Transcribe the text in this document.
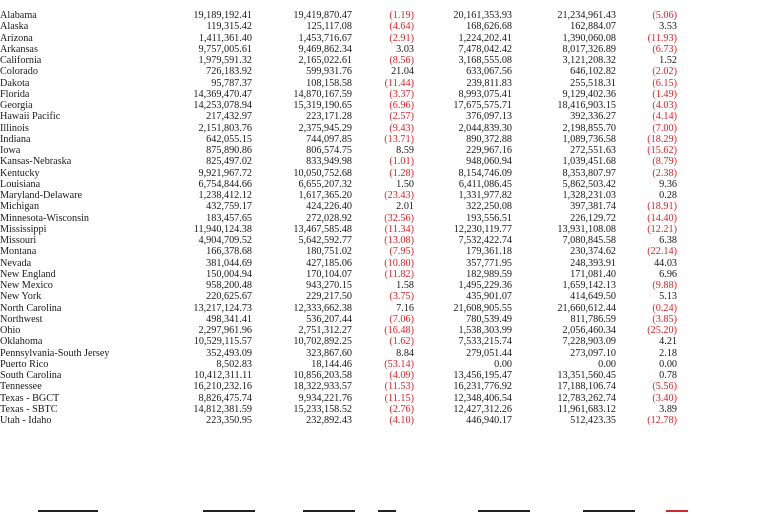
Alabama	19,189,192.41	19,419,870.47	(1.19)	20,161,353.93	21,234,961.43	(5.06)
Alaska	119,315.42	125,117.08	(4.64)	168,626.68	162,884.07	3.53
Arizona	1,411,361.40	1,453,716.67	(2.91)	1,224,202.41	1,390,060.08	(11.93)
Arkansas	9,757,005.61	9,469,862.34	3.03	7,478,042.42	8,017,326.89	(6.73)
California	1,979,591.32	2,165,022.61	(8.56)	3,168,555.08	3,121,208.32	1.52
Colorado	726,183.92	599,931.76	21.04	633,067.56	646,102.82	(2.02)
Dakota	95,787.37	108,158.58	(11.44)	239,811.83	255,518.31	(6.15)
Florida	14,369,470.47	14,870,167.59	(3.37)	8,993,075.41	9,129,402.36	(1.49)
Georgia	14,253,078.94	15,319,190.65	(6.96)	17,675,575.71	18,416,903.15	(4.03)
Hawaii Pacific	217,432.97	223,171.28	(2.57)	376,097.13	392,336.27	(4.14)
Illinois	2,151,803.76	2,375,945.29	(9.43)	2,044,839.30	2,198,855.70	(7.00)
Indiana	642,055.15	744,097.85	(13.71)	890,372.88	1,089,736.58	(18.29)
Iowa	875,890.86	806,574.75	8.59	229,967.16	272,551.63	(15.62)
Kansas-Nebraska	825,497.02	833,949.98	(1.01)	948,060.94	1,039,451.68	(8.79)
Kentucky	9,921,967.72	10,050,752.68	(1.28)	8,154,746.09	8,353,807.97	(2.38)
Louisiana	6,754,844.66	6,655,207.32	1.50	6,411,086.45	5,862,503.42	9.36
Maryland-Delaware	1,238,412.12	1,617,365.20	(23.43)	1,331,977.82	1,328,231.03	0.28
Michigan	432,759.17	424,226.40	2.01	322,250.08	397,381.74	(18.91)
Minnesota-Wisconsin	183,457.65	272,028.92	(32.56)	193,556.51	226,129.72	(14.40)
Mississippi	11,940,124.38	13,467,585.48	(11.34)	12,230,119.77	13,931,108.08	(12.21)
Missouri	4,904,709.52	5,642,592.77	(13.08)	7,532,422.74	7,080,845.58	6.38
Montana	166,378.68	180,751.02	(7.95)	179,361.18	230,374.62	(22.14)
Nevada	381,044.69	427,185.06	(10.80)	357,771.95	248,393.91	44.03
New England	150,004.94	170,104.07	(11.82)	182,989.59	171,081.40	6.96
New Mexico	958,200.48	943,270.15	1.58	1,495,229.36	1,659,142.13	(9.88)
New York	220,625.67	229,217.50	(3.75)	435,901.07	414,649.50	5.13
North Carolina	13,217,124.73	12,333,662.38	7.16	21,608,905.55	21,660,612.44	(0.24)
Northwest	498,341.41	536,207.44	(7.06)	780,539.49	811,786.59	(3.85)
Ohio	2,297,961.96	2,751,312.27	(16.48)	1,538,303.99	2,056,460.34	(25.20)
Oklahoma	10,529,115.57	10,702,892.25	(1.62)	7,533,215.74	7,228,903.09	4.21
Pennsylvania-South Jersey	352,493.09	323,867.60	8.84	279,051.44	273,097.10	2.18
Puerto Rico	8,502.83	18,144.46	(53.14)	0.00	0.00	0.00
South Carolina	10,412,311.11	10,856,203.58	(4.09)	13,456,195.47	13,351,560.45	0.78
Tennessee	16,210,232.16	18,322,933.57	(11.53)	16,231,776.92	17,188,106.74	(5.56)
Texas - BGCT	8,826,475.74	9,934,221.76	(11.15)	12,348,406.54	12,783,262.74	(3.40)
Texas - SBTC	14,812,381.59	15,233,158.52	(2.76)	12,427,312.26	11,961,683.12	3.89
Utah - Idaho	223,350.95	232,892.43	(4.10)	446,940.17	512,423.35	(12.78)
